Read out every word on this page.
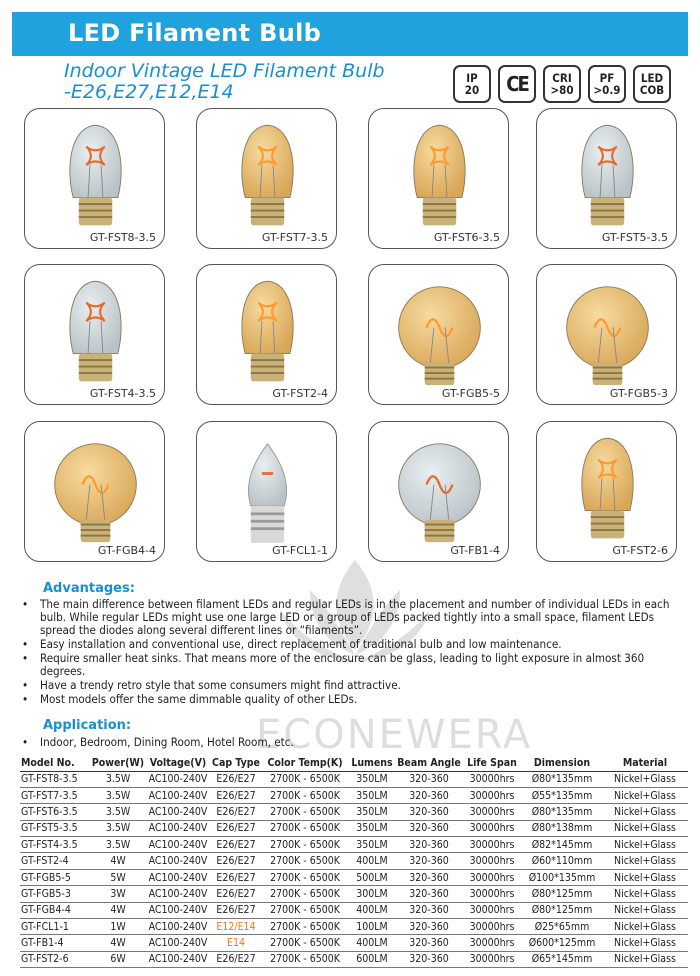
LED Filament Bulb
Indoor Vintage LED Filament Bulb
-E26,E27,E12,E14
IP
20 CE CRI
>80
PF
>0.9
LED
COB
GT-FST8-3.5	GT-FST7-3.5	GT-FST6-3.5	GT-FST5-3.5
GT-FST4-3.5	GT-FST2-4	GT-FGB5-5	GT-FGB5-3
GT-FGB4-4	GT-FCL1-1	GT-FB1-4	GT-FST2-6
ECONEWERA
Advantages:
• The main difference between filament LEDs and regular LEDs is in the placement and number of individual LEDs in each bulb. While regular LEDs might use one large LED or a group of LEDs packed tightly into a small space, filament LEDs spread the diodes along several different lines or “filaments”.
• Easy installation and conventional use, direct replacement of traditional bulb and low maintenance.
• Require smaller heat sinks. That means more of the enclosure can be glass, leading to light exposure in almost 360 degrees.
• Have a trendy retro style that some consumers might find attractive.
• Most models offer the same dimmable quality of other LEDs.
Application:
• Indoor, Bedroom, Dining Room, Hotel Room, etc.
Model No.	Power(W)	Voltage(V)	Cap Type	Color Temp(K)	Lumens	Beam Angle	Life Span	Dimension	Material
GT-FST8-3.5	3.5W	AC100-240V	E26/E27	2700K - 6500K	350LM	320-360	30000hrs	Ø80*135mm	Nickel+Glass
GT-FST7-3.5	3.5W	AC100-240V	E26/E27	2700K - 6500K	350LM	320-360	30000hrs	Ø55*135mm	Nickel+Glass
GT-FST6-3.5	3.5W	AC100-240V	E26/E27	2700K - 6500K	350LM	320-360	30000hrs	Ø80*135mm	Nickel+Glass
GT-FST5-3.5	3.5W	AC100-240V	E26/E27	2700K - 6500K	350LM	320-360	30000hrs	Ø80*138mm	Nickel+Glass
GT-FST4-3.5	3.5W	AC100-240V	E26/E27	2700K - 6500K	350LM	320-360	30000hrs	Ø82*145mm	Nickel+Glass
GT-FST2-4	4W	AC100-240V	E26/E27	2700K - 6500K	400LM	320-360	30000hrs	Ø60*110mm	Nickel+Glass
GT-FGB5-5	5W	AC100-240V	E26/E27	2700K - 6500K	500LM	320-360	30000hrs	Ø100*135mm	Nickel+Glass
GT-FGB5-3	3W	AC100-240V	E26/E27	2700K - 6500K	300LM	320-360	30000hrs	Ø80*125mm	Nickel+Glass
GT-FGB4-4	4W	AC100-240V	E26/E27	2700K - 6500K	400LM	320-360	30000hrs	Ø80*125mm	Nickel+Glass
GT-FCL1-1	1W	AC100-240V	E12/E14	2700K - 6500K	100LM	320-360	30000hrs	Ø25*65mm	Nickel+Glass
GT-FB1-4	4W	AC100-240V	E14	2700K - 6500K	400LM	320-360	30000hrs	Ø600*125mm	Nickel+Glass
GT-FST2-6	6W	AC100-240V	E26/E27	2700K - 6500K	600LM	320-360	30000hrs	Ø65*145mm	Nickel+Glass
